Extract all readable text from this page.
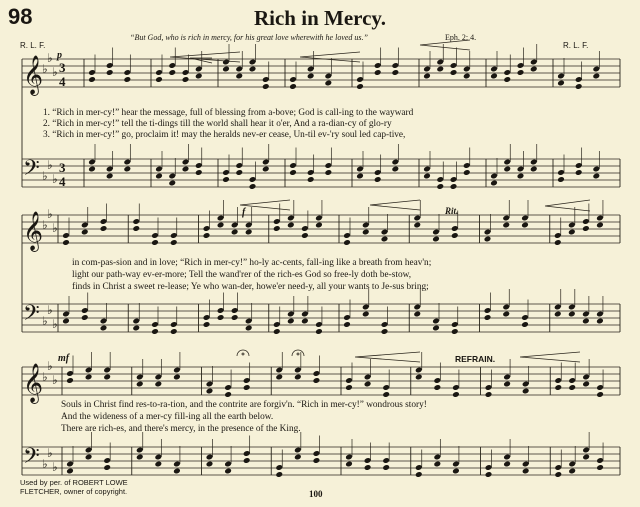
98	Rich in Mercy.
“But God, who is rich in mercy, for his great love wherewith he loved us.”	Eph. 2: 4.
R. L. F.	R. L. F.
𝄞
𝄢
𝄞
𝄢
𝄞
𝄢
♭
♭
♭
♭
♭
♭
♭
♭
♭
♭
♭
♭
♭
♭
♭
♭
♭
♭
3
4
3
4
p
f	Rit.
mf	REFRAIN.
1. “Rich in mer-cy!” hear the message, full of blessing from a-bove; God is call-ing to the wayward
2. “Rich in mer-cy!” tell the ti-dings till the world shall hear it o'er, And a ra-dian-cy of glo-ry
3. “Rich in mer-cy!” go, proclaim it! may the heralds nev-er cease, Un-til ev-'ry soul led cap-tive,
in com-pas-sion and in love; “Rich in mer-cy!” ho-ly ac-cents, fall-ing like a breath from heav'n;
light our path-way ev-er-more; Tell the wand'rer of the rich-es God so free-ly doth be-stow,
finds in Christ a sweet re-lease; Ye who wan-der, howe'er need-y, all your wants to Je-sus bring;
Souls in Christ find res-to-ra-tion, and the contrite are forgiv'n. “Rich in mer-cy!” wondrous story!
And the wideness of a mer-cy fill-ing all the earth below.
There are rich-es, and there's mercy, in the presence of the King.
Used by per. of ROBERT LOWE
FLETCHER, owner of copyright.	100
